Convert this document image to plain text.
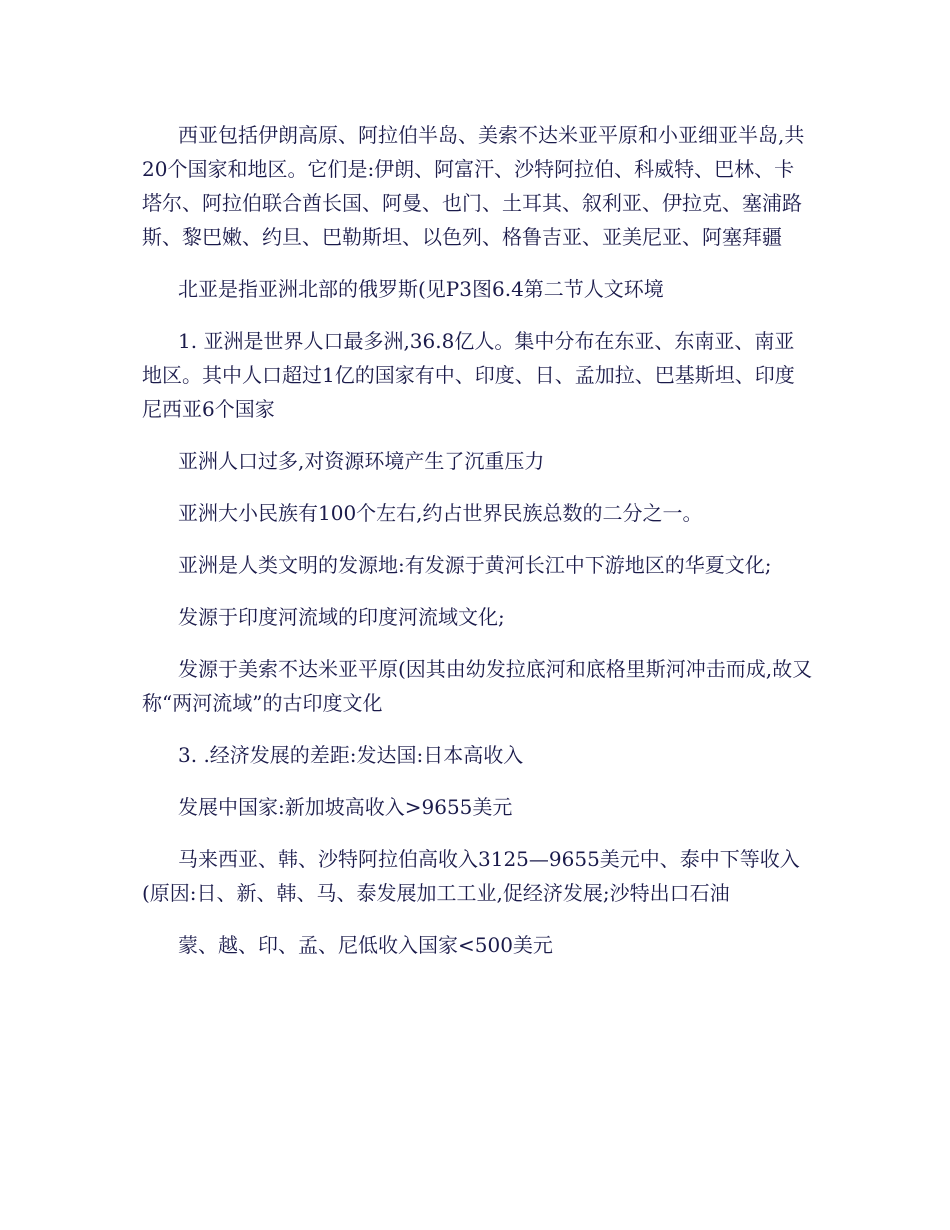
西亚包括伊朗高原、阿拉伯半岛、美索不达米亚平原和小亚细亚半岛,共20个国家和地区。它们是:伊朗、阿富汗、沙特阿拉伯、科威特、巴林、卡塔尔、阿拉伯联合酋长国、阿曼、也门、土耳其、叙利亚、伊拉克、塞浦路斯、黎巴嫩、约旦、巴勒斯坦、以色列、格鲁吉亚、亚美尼亚、阿塞拜疆

北亚是指亚洲北部的俄罗斯(见P3图6.4第二节人文环境

1. 亚洲是世界人口最多洲,36.8亿人。集中分布在东亚、东南亚、南亚地区。其中人口超过1亿的国家有中、印度、日、孟加拉、巴基斯坦、印度尼西亚6个国家

亚洲人口过多,对资源环境产生了沉重压力

亚洲大小民族有100个左右,约占世界民族总数的二分之一。

亚洲是人类文明的发源地:有发源于黄河长江中下游地区的华夏文化;

发源于印度河流域的印度河流域文化;

发源于美索不达米亚平原(因其由幼发拉底河和底格里斯河冲击而成,故又称“两河流域”的古印度文化

3. .经济发展的差距:发达国:日本高收入

发展中国家:新加坡高收入>9655美元

马来西亚、韩、沙特阿拉伯高收入3125—9655美元中、泰中下等收入(原因:日、新、韩、马、泰发展加工工业,促经济发展;沙特出口石油

蒙、越、印、孟、尼低收入国家<500美元
